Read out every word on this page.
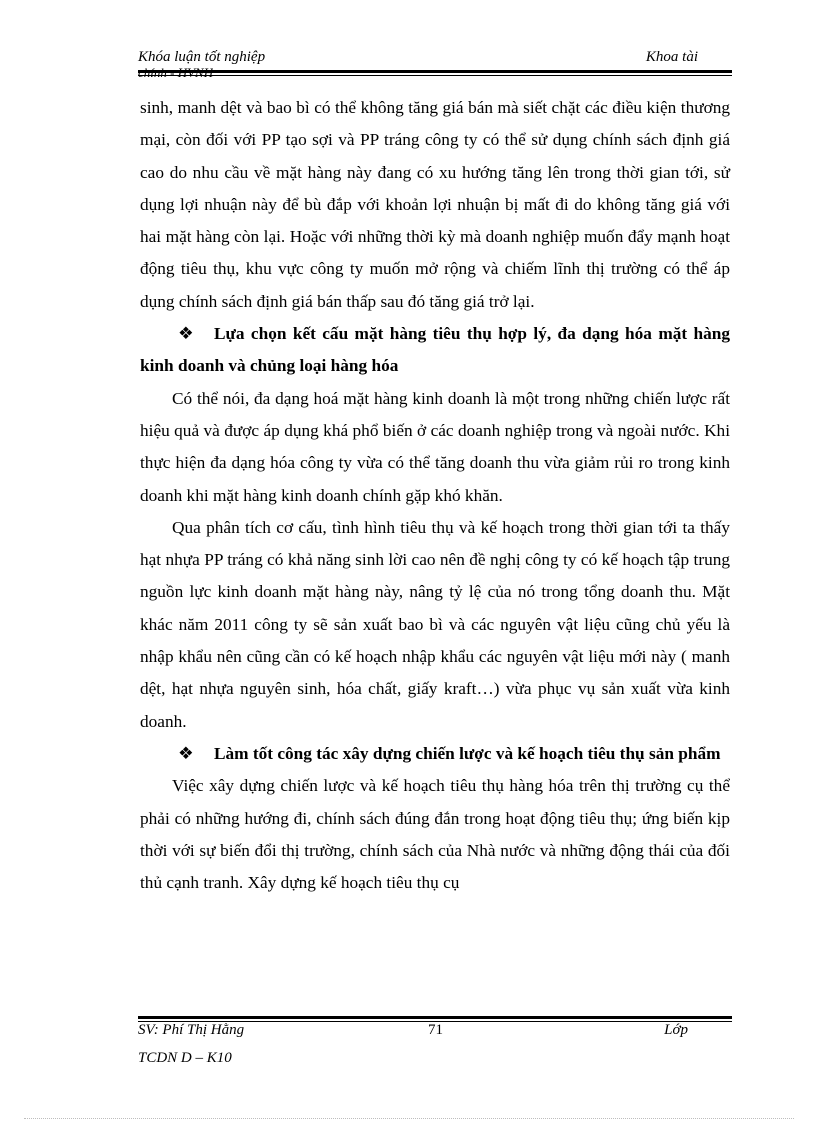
Khóa luận tốt nghiệp	Khoa tài

sinh, manh dệt và bao bì có thể không tăng giá bán mà siết chặt các điều kiện thương mại, còn đối với PP tạo sợi và PP tráng công ty có thể sử dụng chính sách định giá cao do nhu cầu về mặt hàng này đang có xu hướng tăng lên trong thời gian tới, sử dụng lợi nhuận này để bù đắp với khoản lợi nhuận bị mất đi do không tăng giá với hai mặt hàng còn lại. Hoặc với những thời kỳ mà doanh nghiệp muốn đẩy mạnh hoạt động tiêu thụ, khu vực công ty muốn mở rộng và chiếm lĩnh thị trường có thể áp dụng chính sách định giá bán thấp sau đó tăng giá trở lại.

❖ Lựa chọn kết cấu mặt hàng tiêu thụ hợp lý, đa dạng hóa mặt hàng kinh doanh và chủng loại hàng hóa

Có thể nói, đa dạng hoá mặt hàng kinh doanh là một trong những chiến lược rất hiệu quả và được áp dụng khá phổ biến ở các doanh nghiệp trong và ngoài nước. Khi thực hiện đa dạng hóa công ty vừa có thể tăng doanh thu vừa giảm rủi ro trong kinh doanh khi mặt hàng kinh doanh chính gặp khó khăn.

Qua phân tích cơ cấu, tình hình tiêu thụ và kế hoạch trong thời gian tới ta thấy hạt nhựa PP tráng có khả năng sinh lời cao nên đề nghị công ty có kế hoạch tập trung nguồn lực kinh doanh mặt hàng này, nâng tỷ lệ của nó trong tổng doanh thu. Mặt khác năm 2011 công ty sẽ sản xuất bao bì và các nguyên vật liệu cũng chủ yếu là nhập khẩu nên cũng cần có kế hoạch nhập khẩu các nguyên vật liệu mới này ( manh dệt, hạt nhựa nguyên sinh, hóa chất, giấy kraft…) vừa phục vụ sản xuất vừa kinh doanh.

❖ Làm tốt công tác xây dựng chiến lược và kế hoạch tiêu thụ sản phẩm

Việc xây dựng chiến lược và kế hoạch tiêu thụ hàng hóa trên thị trường cụ thể phải có những hướng đi, chính sách đúng đắn trong hoạt động tiêu thụ; ứng biến kịp thời với sự biến đổi thị trường, chính sách của Nhà nước và những động thái của đối thủ cạnh tranh. Xây dựng kế hoạch tiêu thụ cụ

SV: Phí Thị Hằng	71	Lớp
TCDN D – K10
